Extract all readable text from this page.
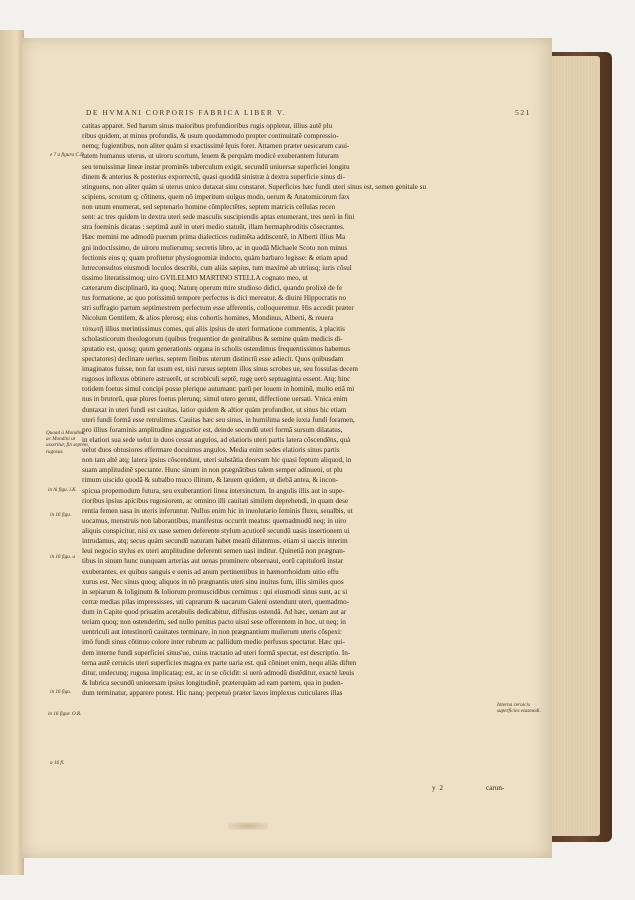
DE HVMANI CORPORIS FABRICA LIBER V.	521
catitas apparet. Sed harum sinus maioribus profundioribus rugis oppletur, illius autē plu
ribus quidem, at minus profundis, & usum quodammodo propter continuitatē compressio-
nemq; fugientibus, non aliter quàm si exactissimè lęuis foret. Attamen præter uesicarum caui-
tatem humanus uterus, ut uiroru scortum, leuem & perquàm modicè exuberantem futuram
seu tenuissimæ lineæ instar prominēs tuberculum exigit, secundū uniuersæ superficiei longitu
dinem & anterius & posterius exporrectū, quasi quoddā sinistræ à dextra superficie sinus di-
stinguens, non aliter quàm si uterus unico dutaxat sinu constaret. Superficies hæc fundi uteri sinus est, semen genitale su
scipiens, scrotum q; cōtinens, quem nō imperitum uulgus modo, uerum & Anatomicorum fæx
non unum enumerat, sed septenario homine cōmplectētes, septem matricis cellulas recen
sent: ac tres quidem in dextra uteri sede masculis suscipiendis aptas enumerant, tres uerò in fini
stra foeminis dicatas : septimā autē in uteri medio statuūt, illam hermaphroditis cōsecrantes.
Hæc memini me admodū puerum prima dialectices rudimēta addiscentē, in Alberti illius Ma
gni indoctissimo, de uiroru mulierumq; secretis libro, ac in quodā Michaele Scoto non minus
fectionis eius q; quam profitetur physiognomiæ indocto, quàm barbaro legisse: & etiam apud
lutreconsultos eiusmodi loculos describi, cum aliàs sæpius, tum maximè ab utriusq; iuris cōsul
tissimo literatissimoq; uiro GVILELMO MARTINO STELLA cognato meo, ut
cæterarum disciplinarū, ita quoq; Naturę operum mire studioso didici, quando prolixè de fe
tus formatione, ac quo potissimū tempore perfectus is dici mereatur, & diuini Hippocratis no
stri suffragio partum septimestrem perfectum esse afferentis, colloqueremur. His accedit præter
Nicolum Gentilem, & alios plerosq; eius cohortis homines, Mondinus, Alberti, & reuera
τύπωτῇ illius merintissimus comes, qui aliis ipsius de uteri formatione commentis, à placitis
scholasticorum theologorum (quibus frequentior de genitalibus & semine quàm medicis di-
sputatio est, quosq; quum generationis organa in scholis ostendimus frequentissimos habemus
spectatores) declinare uerius, septem finibus uterum distinctū esse adiecit. Quos quibusdam
imaginatos fuisse, non fat usum est, nisi rursus septem illos sinus scrobes ue, seu fossulas decem
rugosos inflexus obtinere astruerēt, ut scrobiculi septē, rugę uerò septuaginta essent. Atq; hinc
totidem foetus simul concipi posse plerique autumant: parū per louem in hominū, multo etiā mi
nus in brutorū, quæ plures foetus plerunq; simul utero gerunt, diffectione uersati. Vnica enim
duntaxat in uteri fundi est cauitas, latior quidem & altior quàm profundior, ut sinus hic etiam
uteri fundi formā esse retrulimus. Cauitas hæc seu sinus, in humilima sede iuxta fundi foramen,
pro illius foraminis amplitudine angustior est, deinde secundū uteri formā sursum dilatatus,
in elatiori sua sede uelut in duos cessat angulos, ad elatioris uteri partis latera cōscendēns, quà
uelut duos obtusiores effermare docuimus angulos. Media enim sedes elatioris sinus partis
non tam altè atq; latera ipsius cōscendunt, uteri substātia deorsum hic quasi feptum aliquod, in
suam amplitudinē spectante. Hunc sinum in non prægnātibus talem semper adinueni, ut plu
rimum uiscido quodā & subalbo muco illitum, & læuem quidem, ut diebā antea, & incon-
spicua propemodum futura, seu exuberantiori linea intersinctum. In angulis illis aut in supe-
rioribus ipsius apicibus rugosiorem, ac omnino illi cauitati similem deprehendi, in quam dese
rentia femen uasa in uteris inferuntur. Nullus enim hic in inuolutario feminis fluxu, seualbis, ut
uocamus, menstruis non laborantibus, manifestus occurrit meatus: quemadmodū neq; in uiro
aliquis conspicitur, nisi ex uase semen deferente stylum acutiorē secundū uasis insertionem ui
intrudamus, atq; secus quàm secundū naturam habet meatū dilatemus. etiam si uaccis interim
leui negocio stylus ex uteri amplitudine deferenti semen uasi inditur. Quinetiā non prægnan-
tibus in sinum hunc nunquam arterias aut uenas prominere obseruaui, eorū capitulorū instar
exuberantes, ex quibus sanguis e uenis ad anum pertinentibus in hæmorrhoidum uitio effu
xurus est. Nec sinus quoq; aliquos in nō prægnantis uteri sinu inuitus fum, illis similes quos
in sepiarum & loliginum & loliorum promuscidibus cernimus : qui eiusmodi sinus sunt, ac si
cerræ medias pilas impressisses, uti caprarum & uacarum Galeni ostendunt uteri, quemadmo-
dum in Capite quod priuatim acetabulis dedicabitur, diffusius ostendā. Ad hæc, uenam aut ar
teriam quoq; non ostenderim, sed nullo penitus pacto uisui sese offerentem in hoc, ut neq; in
uentriculi aut intestinorū cauitates terminare, in non prægnantium mulierum uteris cōspexi:
imò fundi sinus cōtinuo colore inter rubrum ac pallidum medio perfusus spectatur. Hæc qui-
dem interne fundi superficiei sinus'ue, cuius tractatio ad uteri formā spectat, est descriptio. In-
terna autē ceruicis uteri superficies magna ex parte uaria est. quā cōniuet enim, nequ aliàs diften
ditur, undecunq; rugosa implicataq; est, ac in se cōcidit: si uerò admodū distēditur, exactè læuis
& lubrica secundū uniuersam ipsius longitudinē, præterquàm ad eam partem, qua in puden-
dum terminatur, apparere potest. Hic nanq; perpetuò præter laxos implexus cuticulares illas
e 7 a figura C.D.
Quoad à Mondino, ac Mondini ut asseritur, fin septem, rugosus.
in hi figu. i.K.
in 16 figu.
in 16 figu. a
in 16 figu.
in 16 figur. O.R.
a 16 fi.
Interna ceruicis superficies eiusmodi.
y 2	carun-
